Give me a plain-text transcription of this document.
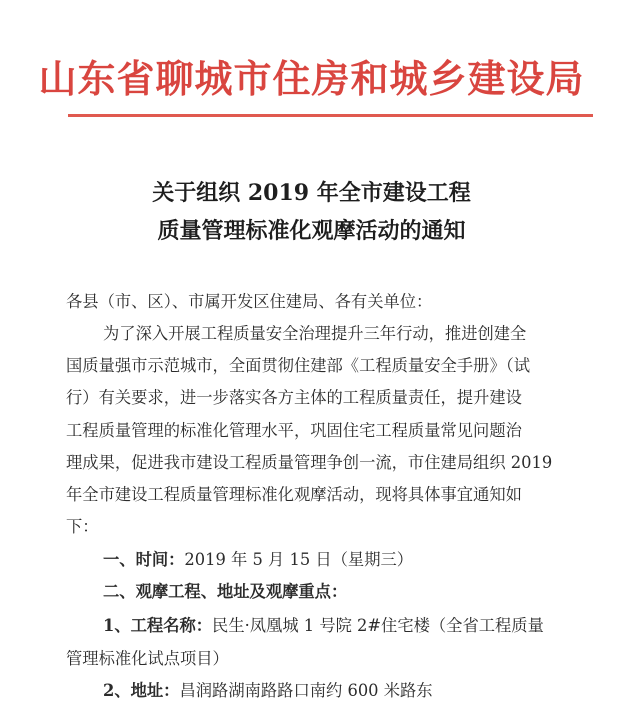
山东省聊城市住房和城乡建设局
关于组织 2019 年全市建设工程
质量管理标准化观摩活动的通知
各县（市、区）、市属开发区住建局、各有关单位：
为了深入开展工程质量安全治理提升三年行动，推进创建全
国质量强市示范城市，全面贯彻住建部《工程质量安全手册》（试
行）有关要求，进一步落实各方主体的工程质量责任，提升建设
工程质量管理的标准化管理水平，巩固住宅工程质量常见问题治
理成果，促进我市建设工程质量管理争创一流，市住建局组织 2019
年全市建设工程质量管理标准化观摩活动，现将具体事宜通知如
下：
一、时间：2019 年 5 月 15 日（星期三）
二、观摩工程、地址及观摩重点：
1、工程名称：民生·凤凰城 1 号院 2#住宅楼（全省工程质量
管理标准化试点项目）
2、地址：昌润路湖南路路口南约 600 米路东
